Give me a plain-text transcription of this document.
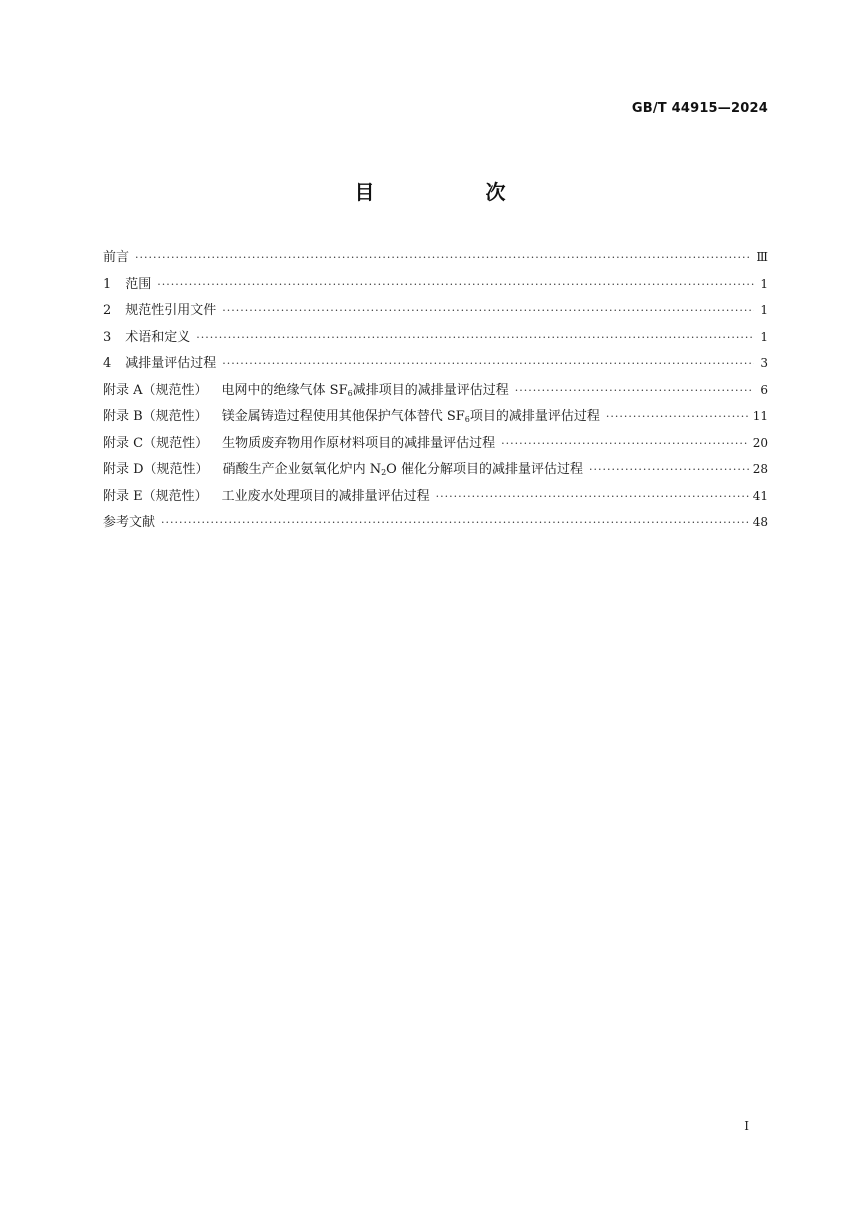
GB/T 44915—2024
目 次
前言 ·····	Ⅲ
1 范围 ·····	1
2 规范性引用文件 ·····	1
3 术语和定义 ·····	1
4 减排量评估过程 ·····	3
附录 A（规范性） 电网中的绝缘气体 $SF_6$减排项目的减排量评估过程 ·····	6
附录 B（规范性） 镁金属铸造过程使用其他保护气体替代 $SF_6$项目的减排量评估过程 ·····	11
附录 C（规范性） 生物质废弃物用作原材料项目的减排量评估过程 ·····	20
附录 D（规范性） 硝酸生产企业氨氧化炉内 $N_2O$ 催化分解项目的减排量评估过程 ·····	28
附录 E（规范性） 工业废水处理项目的减排量评估过程 ·····	41
参考文献 ·····	48
I
